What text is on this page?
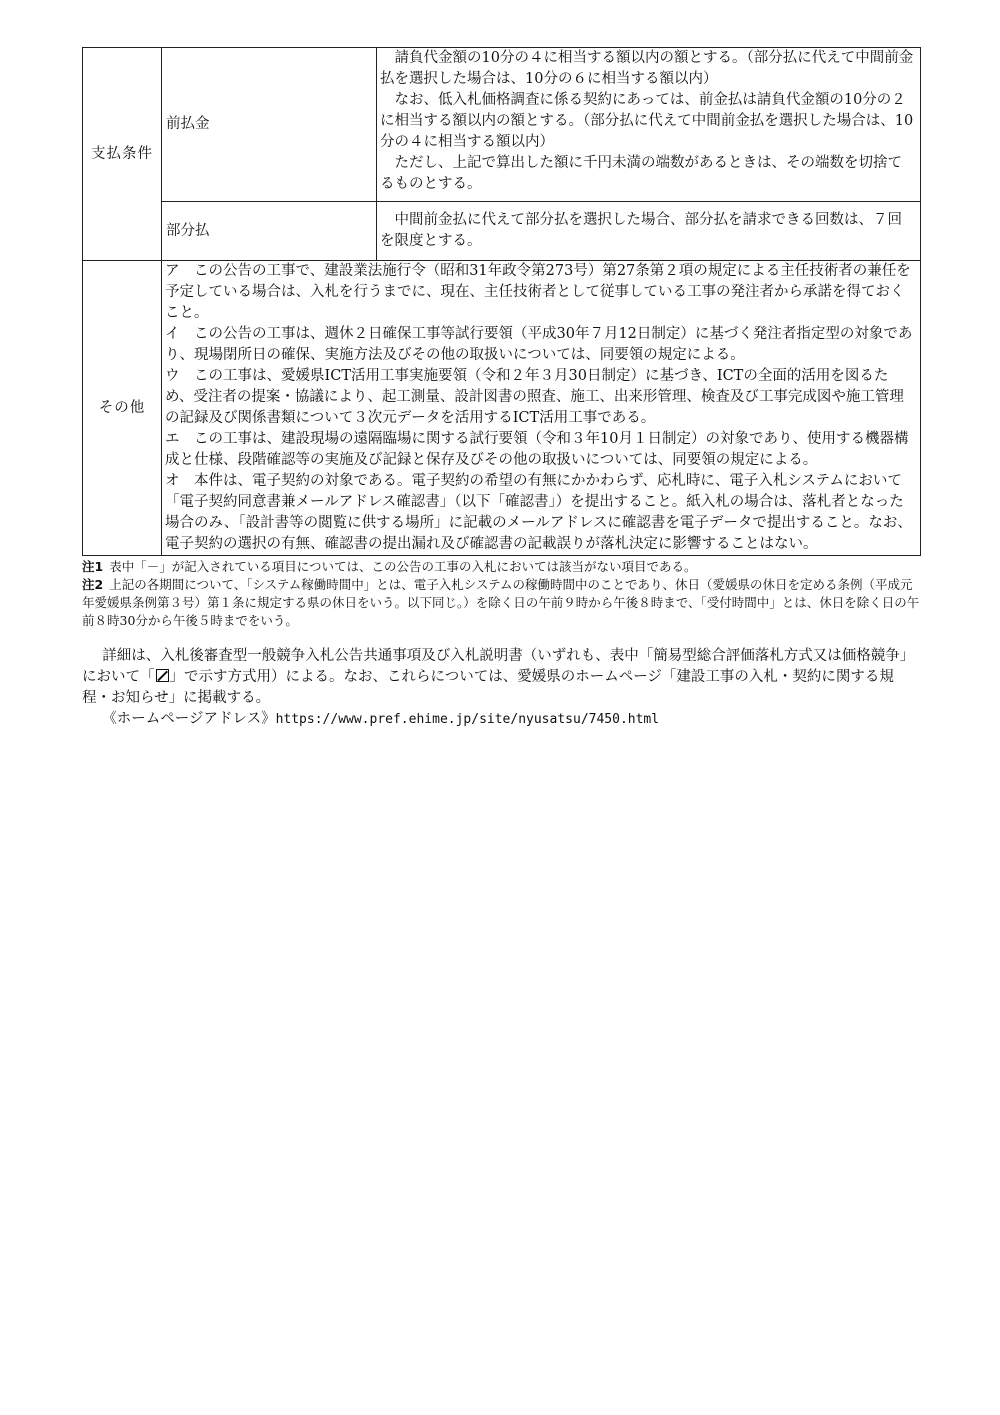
支払条件	前払金	請負代金額の10分の４に相当する額以内の額とする。（部分払に代えて中間前金払を選択した場合は、10分の６に相当する額以内）
なお、低入札価格調査に係る契約にあっては、前金払は請負代金額の10分の２に相当する額以内の額とする。（部分払に代えて中間前金払を選択した場合は、10分の４に相当する額以内）
ただし、上記で算出した額に千円未満の端数があるときは、その端数を切捨てるものとする。

	部分払	中間前金払に代えて部分払を選択した場合、部分払を請求できる回数は、７回を限度とする。

その他	ア　この公告の工事で、建設業法施行令（昭和31年政令第273号）第27条第２項の規定による主任技術者の兼任を予定している場合は、入札を行うまでに、現在、主任技術者として従事している工事の発注者から承諾を得ておくこと。
イ　この公告の工事は、週休２日確保工事等試行要領（平成30年７月12日制定）に基づく発注者指定型の対象であり、現場閉所日の確保、実施方法及びその他の取扱いについては、同要領の規定による。
ウ　この工事は、愛媛県ICT活用工事実施要領（令和２年３月30日制定）に基づき、ICTの全面的活用を図るため、受注者の提案・協議により、起工測量、設計図書の照査、施工、出来形管理、検査及び工事完成図や施工管理の記録及び関係書類について３次元データを活用するICT活用工事である。
エ　この工事は、建設現場の遠隔臨場に関する試行要領（令和３年10月１日制定）の対象であり、使用する機器構成と仕様、段階確認等の実施及び記録と保存及びその他の取扱いについては、同要領の規定による。
オ　本件は、電子契約の対象である。電子契約の希望の有無にかかわらず、応札時に、電子入札システムにおいて「電子契約同意書兼メールアドレス確認書」（以下「確認書」）を提出すること。紙入札の場合は、落札者となった場合のみ、「設計書等の閲覧に供する場所」に記載のメールアドレスに確認書を電子データで提出すること。なお、電子契約の選択の有無、確認書の提出漏れ及び確認書の記載誤りが落札決定に影響することはない。	
注1 表中「－」が記入されている項目については、この公告の工事の入札においては該当がない項目である。
注2 上記の各期間について、「システム稼働時間中」とは、電子入札システムの稼働時間中のことであり、休日（愛媛県の休日を定める条例（平成元年愛媛県条例第３号）第１条に規定する県の休日をいう。以下同じ。）を除く日の午前９時から午後８時まで、「受付時間中」とは、休日を除く日の午前８時30分から午後５時までをいう。
詳細は、入札後審査型一般競争入札公告共通事項及び入札説明書（いずれも、表中「簡易型総合評価落札方式又は価格競争」において「 」で示す方式用）による。なお、これらについては、愛媛県のホームページ「建設工事の入札・契約に関する規程・お知らせ」に掲載する。
《ホームページアドレス》https://www.pref.ehime.jp/site/nyusatsu/7450.html
